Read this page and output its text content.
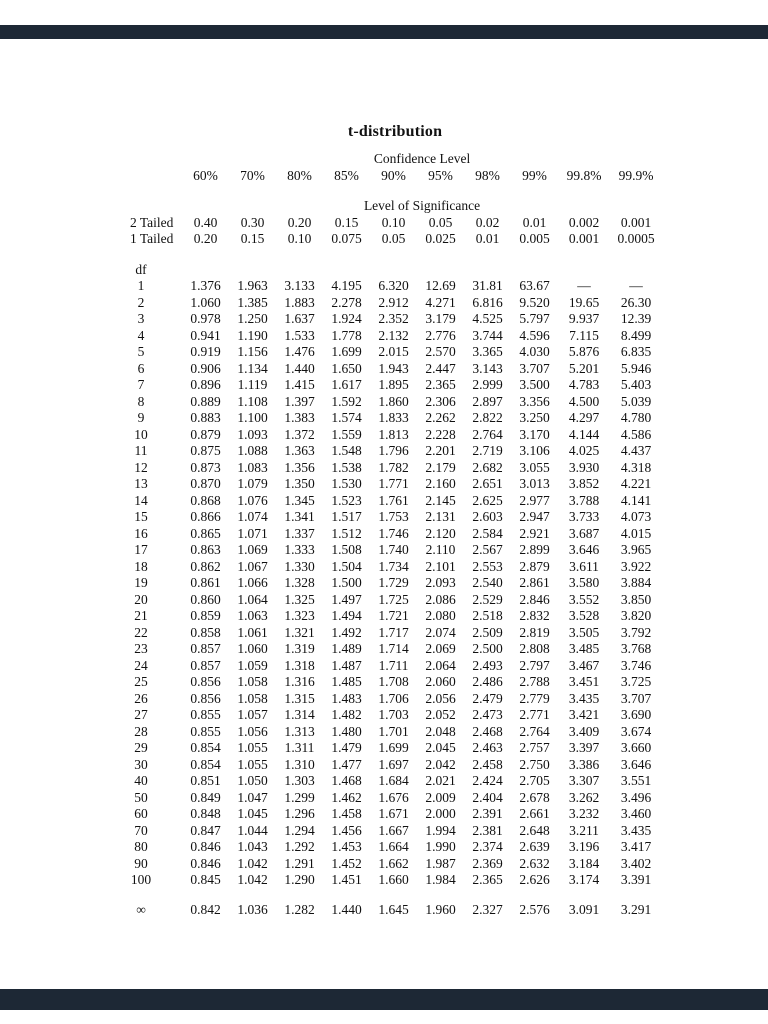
t-distribution
	Confidence Level									
	60%	70%	80%	85%	90%	95%	98%	99%	99.8%	99.9%

	Level of Significance									
2 Tailed	0.40	0.30	0.20	0.15	0.10	0.05	0.02	0.01	0.002	0.001
1 Tailed	0.20	0.15	0.10	0.075	0.05	0.025	0.01	0.005	0.001	0.0005

df										
1	1.376	1.963	3.133	4.195	6.320	12.69	31.81	63.67	—	—
2	1.060	1.385	1.883	2.278	2.912	4.271	6.816	9.520	19.65	26.30
3	0.978	1.250	1.637	1.924	2.352	3.179	4.525	5.797	9.937	12.39
4	0.941	1.190	1.533	1.778	2.132	2.776	3.744	4.596	7.115	8.499
5	0.919	1.156	1.476	1.699	2.015	2.570	3.365	4.030	5.876	6.835
6	0.906	1.134	1.440	1.650	1.943	2.447	3.143	3.707	5.201	5.946
7	0.896	1.119	1.415	1.617	1.895	2.365	2.999	3.500	4.783	5.403
8	0.889	1.108	1.397	1.592	1.860	2.306	2.897	3.356	4.500	5.039
9	0.883	1.100	1.383	1.574	1.833	2.262	2.822	3.250	4.297	4.780
10	0.879	1.093	1.372	1.559	1.813	2.228	2.764	3.170	4.144	4.586
11	0.875	1.088	1.363	1.548	1.796	2.201	2.719	3.106	4.025	4.437
12	0.873	1.083	1.356	1.538	1.782	2.179	2.682	3.055	3.930	4.318
13	0.870	1.079	1.350	1.530	1.771	2.160	2.651	3.013	3.852	4.221
14	0.868	1.076	1.345	1.523	1.761	2.145	2.625	2.977	3.788	4.141
15	0.866	1.074	1.341	1.517	1.753	2.131	2.603	2.947	3.733	4.073
16	0.865	1.071	1.337	1.512	1.746	2.120	2.584	2.921	3.687	4.015
17	0.863	1.069	1.333	1.508	1.740	2.110	2.567	2.899	3.646	3.965
18	0.862	1.067	1.330	1.504	1.734	2.101	2.553	2.879	3.611	3.922
19	0.861	1.066	1.328	1.500	1.729	2.093	2.540	2.861	3.580	3.884
20	0.860	1.064	1.325	1.497	1.725	2.086	2.529	2.846	3.552	3.850
21	0.859	1.063	1.323	1.494	1.721	2.080	2.518	2.832	3.528	3.820
22	0.858	1.061	1.321	1.492	1.717	2.074	2.509	2.819	3.505	3.792
23	0.857	1.060	1.319	1.489	1.714	2.069	2.500	2.808	3.485	3.768
24	0.857	1.059	1.318	1.487	1.711	2.064	2.493	2.797	3.467	3.746
25	0.856	1.058	1.316	1.485	1.708	2.060	2.486	2.788	3.451	3.725
26	0.856	1.058	1.315	1.483	1.706	2.056	2.479	2.779	3.435	3.707
27	0.855	1.057	1.314	1.482	1.703	2.052	2.473	2.771	3.421	3.690
28	0.855	1.056	1.313	1.480	1.701	2.048	2.468	2.764	3.409	3.674
29	0.854	1.055	1.311	1.479	1.699	2.045	2.463	2.757	3.397	3.660
30	0.854	1.055	1.310	1.477	1.697	2.042	2.458	2.750	3.386	3.646
40	0.851	1.050	1.303	1.468	1.684	2.021	2.424	2.705	3.307	3.551
50	0.849	1.047	1.299	1.462	1.676	2.009	2.404	2.678	3.262	3.496
60	0.848	1.045	1.296	1.458	1.671	2.000	2.391	2.661	3.232	3.460
70	0.847	1.044	1.294	1.456	1.667	1.994	2.381	2.648	3.211	3.435
80	0.846	1.043	1.292	1.453	1.664	1.990	2.374	2.639	3.196	3.417
90	0.846	1.042	1.291	1.452	1.662	1.987	2.369	2.632	3.184	3.402
100	0.845	1.042	1.290	1.451	1.660	1.984	2.365	2.626	3.174	3.391

∞	0.842	1.036	1.282	1.440	1.645	1.960	2.327	2.576	3.091	3.291
